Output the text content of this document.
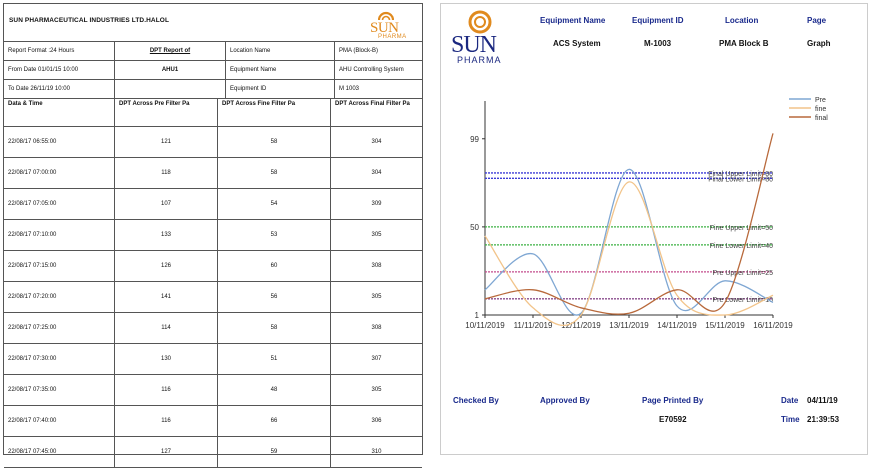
SUN PHARMACEUTICAL INDUSTRIES LTD.HALOL	SUN
PHARMA
Report Format :24 Hours	DPT Report of	Location Name	PMA (Block-B)
From Date 01/01/15 10:00	AHU1	Equipment Name	AHU Controlling System
To Date 26/11/19 10:00		Equipment ID	M 1003
Data & Time	DPT Across Pre Filter Pa	DPT Across Fine Filter Pa	DPT Across Final Filter Pa
22/08/17 06:55:00	121	58	304
22/08/17 07:00:00	118	58	304
22/08/17 07:05:00	107	54	309
22/08/17 07:10:00	133	53	305
22/08/17 07:15:00	126	60	308
22/08/17 07:20:00	141	56	305
22/08/17 07:25:00	114	58	308
22/08/17 07:30:00	130	51	307
22/08/17 07:35:00	116	48	305
22/08/17 07:40:00	116	66	306
22/08/17 07:45:00	127	59	310
SUN
PHARMA
Equipment Name	Equipment ID	Location	Page
ACS System	M-1003	PMA Block B	Graph
1
50
99
10/11/2019 11/11/2019 12/11/2019 13/11/2019 14/11/2019 15/11/2019 16/11/2019
Final Upper Limit=80
Final Lower Limit=80
Fine Upper Limit=50
Fine Lower Limit=40
Pre Upper Limit=25
Pre Lower Limit=10
Pre
fine
final
Checked By	Approved By	Page Printed By
E70592
Date 04/11/19
Time 21:39:53
